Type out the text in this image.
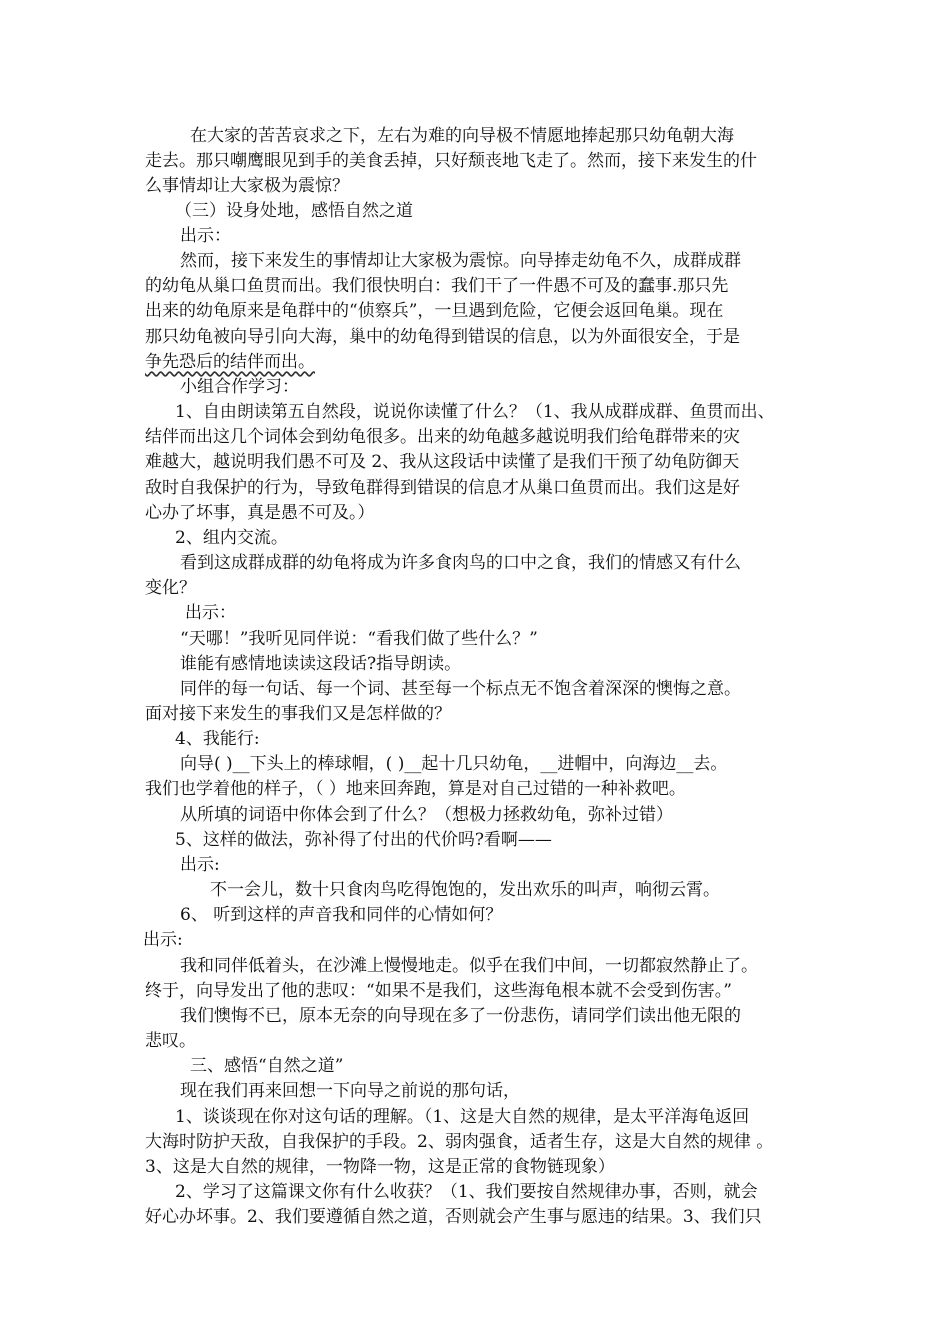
在大家的苦苦哀求之下，左右为难的向导极不情愿地捧起那只幼龟朝大海
走去。那只嘲鹰眼见到手的美食丢掉，只好颓丧地飞走了。然而，接下来发生的什
么事情却让大家极为震惊？
（三）设身处地，感悟自然之道
出示：
然而，接下来发生的事情却让大家极为震惊。向导捧走幼龟不久，成群成群
的幼龟从巢口鱼贯而出。我们很快明白：我们干了一件愚不可及的蠢事.那只先
出来的幼龟原来是龟群中的“侦察兵”，一旦遇到危险，它便会返回龟巢。现在
那只幼龟被向导引向大海，巢中的幼龟得到错误的信息，以为外面很安全，于是
争先恐后的结伴而出。
小组合作学习：
1、自由朗读第五自然段，说说你读懂了什么？（1、我从成群成群、鱼贯而出、
结伴而出这几个词体会到幼龟很多。出来的幼龟越多越说明我们给龟群带来的灾
难越大，越说明我们愚不可及 2、我从这段话中读懂了是我们干预了幼龟防御天
敌时自我保护的行为，导致龟群得到错误的信息才从巢口鱼贯而出。我们这是好
心办了坏事，真是愚不可及。）
2、组内交流。
看到这成群成群的幼龟将成为许多食肉鸟的口中之食，我们的情感又有什么
变化？
出示：
“天哪！”我听见同伴说：“看我们做了些什么？”
谁能有感情地读读这段话?指导朗读。
同伴的每一句话、每一个词、甚至每一个标点无不饱含着深深的懊悔之意。
面对接下来发生的事我们又是怎样做的？
4、我能行:
向导( )__下头上的棒球帽，( )__起十几只幼龟，__进帽中，向海边__去。
我们也学着他的样子，（ ）地来回奔跑，算是对自己过错的一种补救吧。
从所填的词语中你体会到了什么？（想极力拯救幼龟，弥补过错）
5、这样的做法，弥补得了付出的代价吗?看啊——
出示:
不一会儿，数十只食肉鸟吃得饱饱的，发出欢乐的叫声，响彻云霄。
6、 听到这样的声音我和同伴的心情如何？
出示:
我和同伴低着头，在沙滩上慢慢地走。似乎在我们中间，一切都寂然静止了。
终于，向导发出了他的悲叹：“如果不是我们，这些海龟根本就不会受到伤害。”
我们懊悔不已，原本无奈的向导现在多了一份悲伤，请同学们读出他无限的
悲叹。
三、感悟“自然之道”
现在我们再来回想一下向导之前说的那句话，
1、谈谈现在你对这句话的理解。（1、这是大自然的规律，是太平洋海龟返回
大海时防护天敌，自我保护的手段。2、弱肉强食，适者生存，这是大自然的规律 。
3、这是大自然的规律，一物降一物，这是正常的食物链现象）
2、学习了这篇课文你有什么收获？（1、我们要按自然规律办事，否则，就会
好心办坏事。2、我们要遵循自然之道，否则就会产生事与愿违的结果。3、我们只
